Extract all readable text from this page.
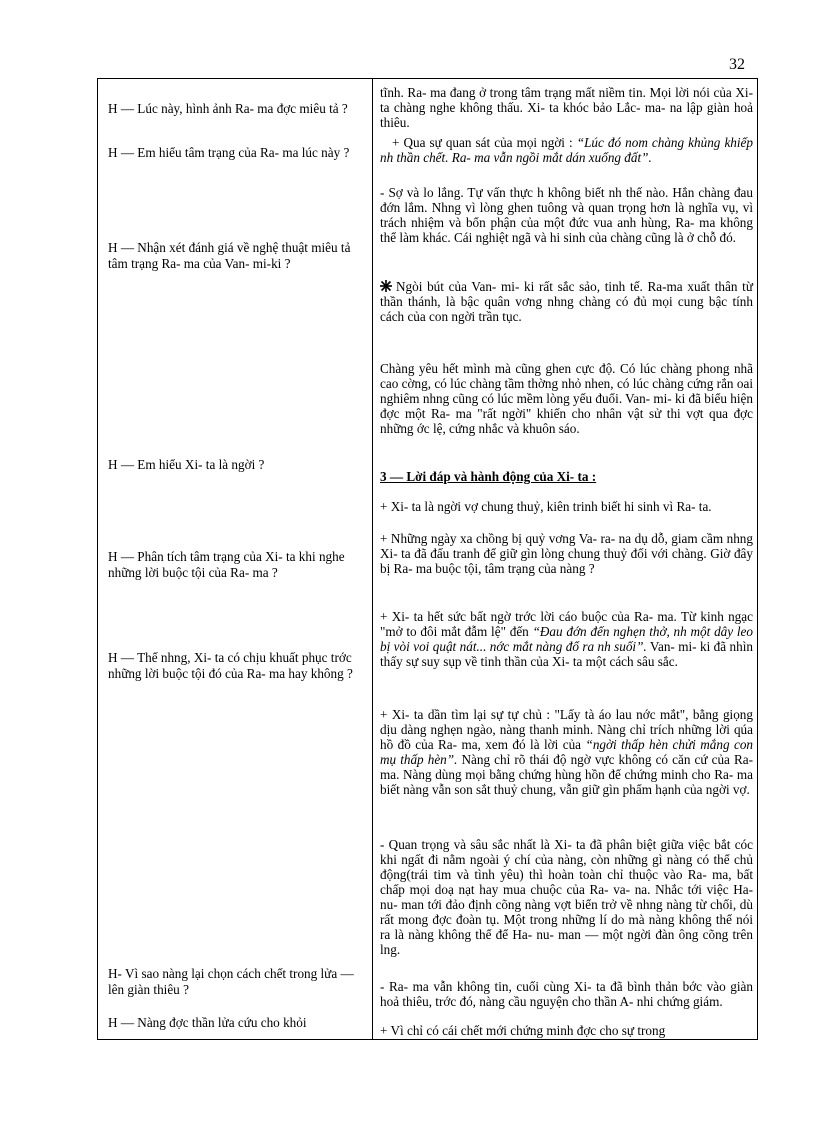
32
H — Lúc này, hình ảnh Ra- ma đợc miêu tả ?
H — Em hiểu tâm trạng của Ra- ma lúc này ?
H — Nhận xét đánh giá về nghệ thuật miêu tả tâm trạng Ra- ma của Van- mi-ki ?
H — Em hiểu Xi- ta là ngời ?
H — Phân tích tâm trạng của Xi- ta khi nghe những lời buộc tội của Ra- ma ?
H — Thế nhng, Xi- ta có chịu khuất phục trớc những lời buộc tội đó của Ra- ma hay không ?
H- Vì sao nàng lại chọn cách chết trong lửa — lên giàn thiêu ?
H — Nàng đợc thần lửa cứu cho khỏi
tĩnh. Ra- ma đang ở trong tâm trạng mất niềm tin. Mọi lời nói của Xi- ta chàng nghe không thấu. Xi- ta khóc bảo Lắc- ma- na lập giàn hoả thiêu.
+ Qua sự quan sát của mọi ngời : “Lúc đó nom chàng khủng khiếp nh thần chết. Ra- ma vẫn ngồi mắt dán xuống đất”.
- Sợ và lo lắng. Tự vấn thực h không biết nh thế nào. Hắn chàng đau đớn lắm. Nhng vì lòng ghen tuông và quan trọng hơn là nghĩa vụ, vì trách nhiệm và bổn phận của một đức vua anh hùng, Ra- ma không thể làm khác. Cái nghiệt ngã và hi sinh của chàng cũng là ở chỗ đó.
Ngòi bút của Van- mi- ki rất sắc sảo, tinh tế. Ra-ma xuất thân từ thần thánh, là bậc quân vơng nhng chàng có đủ mọi cung bậc tính cách của con ngời trần tục.
Chàng yêu hết mình mà cũng ghen cực độ. Có lúc chàng phong nhã cao cờng, có lúc chàng tầm thờng nhỏ nhen, có lúc chàng cứng rắn oai nghiêm nhng cũng có lúc mềm lòng yếu đuối. Van- mi- ki đã biểu hiện đợc một Ra- ma "rất ngời" khiến cho nhân vật sử thi vợt qua đợc những ớc lệ, cứng nhắc và khuôn sáo.
3 — Lời đáp và hành động của Xi- ta :
+ Xi- ta là ngời vợ chung thuỷ, kiên trinh biết hi sinh vì Ra- ta.
+ Những ngày xa chồng bị quỷ vơng Va- ra- na dụ dỗ, giam cầm nhng Xi- ta đã đấu tranh để giữ gìn lòng chung thuỷ đối với chàng. Giờ đây bị Ra- ma buộc tội, tâm trạng của nàng ?
+ Xi- ta hết sức bất ngờ trớc lời cáo buộc của Ra- ma. Từ kinh ngạc "mở to đôi mắt đẫm lệ" đến “Đau đớn đến nghẹn thở, nh một dây leo bị vòi voi quật nát... nớc mắt nàng đổ ra nh suối”. Van- mi- ki đã nhìn thấy sự suy sụp về tinh thần của Xi- ta một cách sâu sắc.
+ Xi- ta dần tìm lại sự tự chủ : "Lấy tà áo lau nớc mắt", bằng giọng dịu dàng nghẹn ngào, nàng thanh minh. Nàng chỉ trích những lời qúa hồ đồ của Ra- ma, xem đó là lời của “ngời thấp hèn chửi mắng con mụ thấp hèn”. Nàng chỉ rõ thái độ ngờ vực không có căn cứ của Ra- ma. Nàng dùng mọi bằng chứng hùng hồn để chứng minh cho Ra- ma biết nàng vẫn son sắt thuỷ chung, vẫn giữ gìn phẩm hạnh của ngời vợ.
- Quan trọng và sâu sắc nhất là Xi- ta đã phân biệt giữa việc bắt cóc khi ngất đi nằm ngoài ý chí của nàng, còn những gì nàng có thể chủ động(trái tim và tình yêu) thì hoàn toàn chỉ thuộc vào Ra- ma, bất chấp mọi doạ nạt hay mua chuộc của Ra- va- na. Nhắc tới việc Ha- nu- man tới đảo định cõng nàng vợt biển trở về nhng nàng từ chối, dù rất mong đợc đoàn tụ. Một trong những lí do mà nàng không thể nói ra là nàng không thể để Ha- nu- man — một ngời đàn ông cõng trên lng.
- Ra- ma vẫn không tin, cuối cùng Xi- ta đã bình thản bớc vào giàn hoả thiêu, trớc đó, nàng cầu nguyện cho thần A- nhi chứng giám.
+ Vì chỉ có cái chết mới chứng minh đợc cho sự trong
